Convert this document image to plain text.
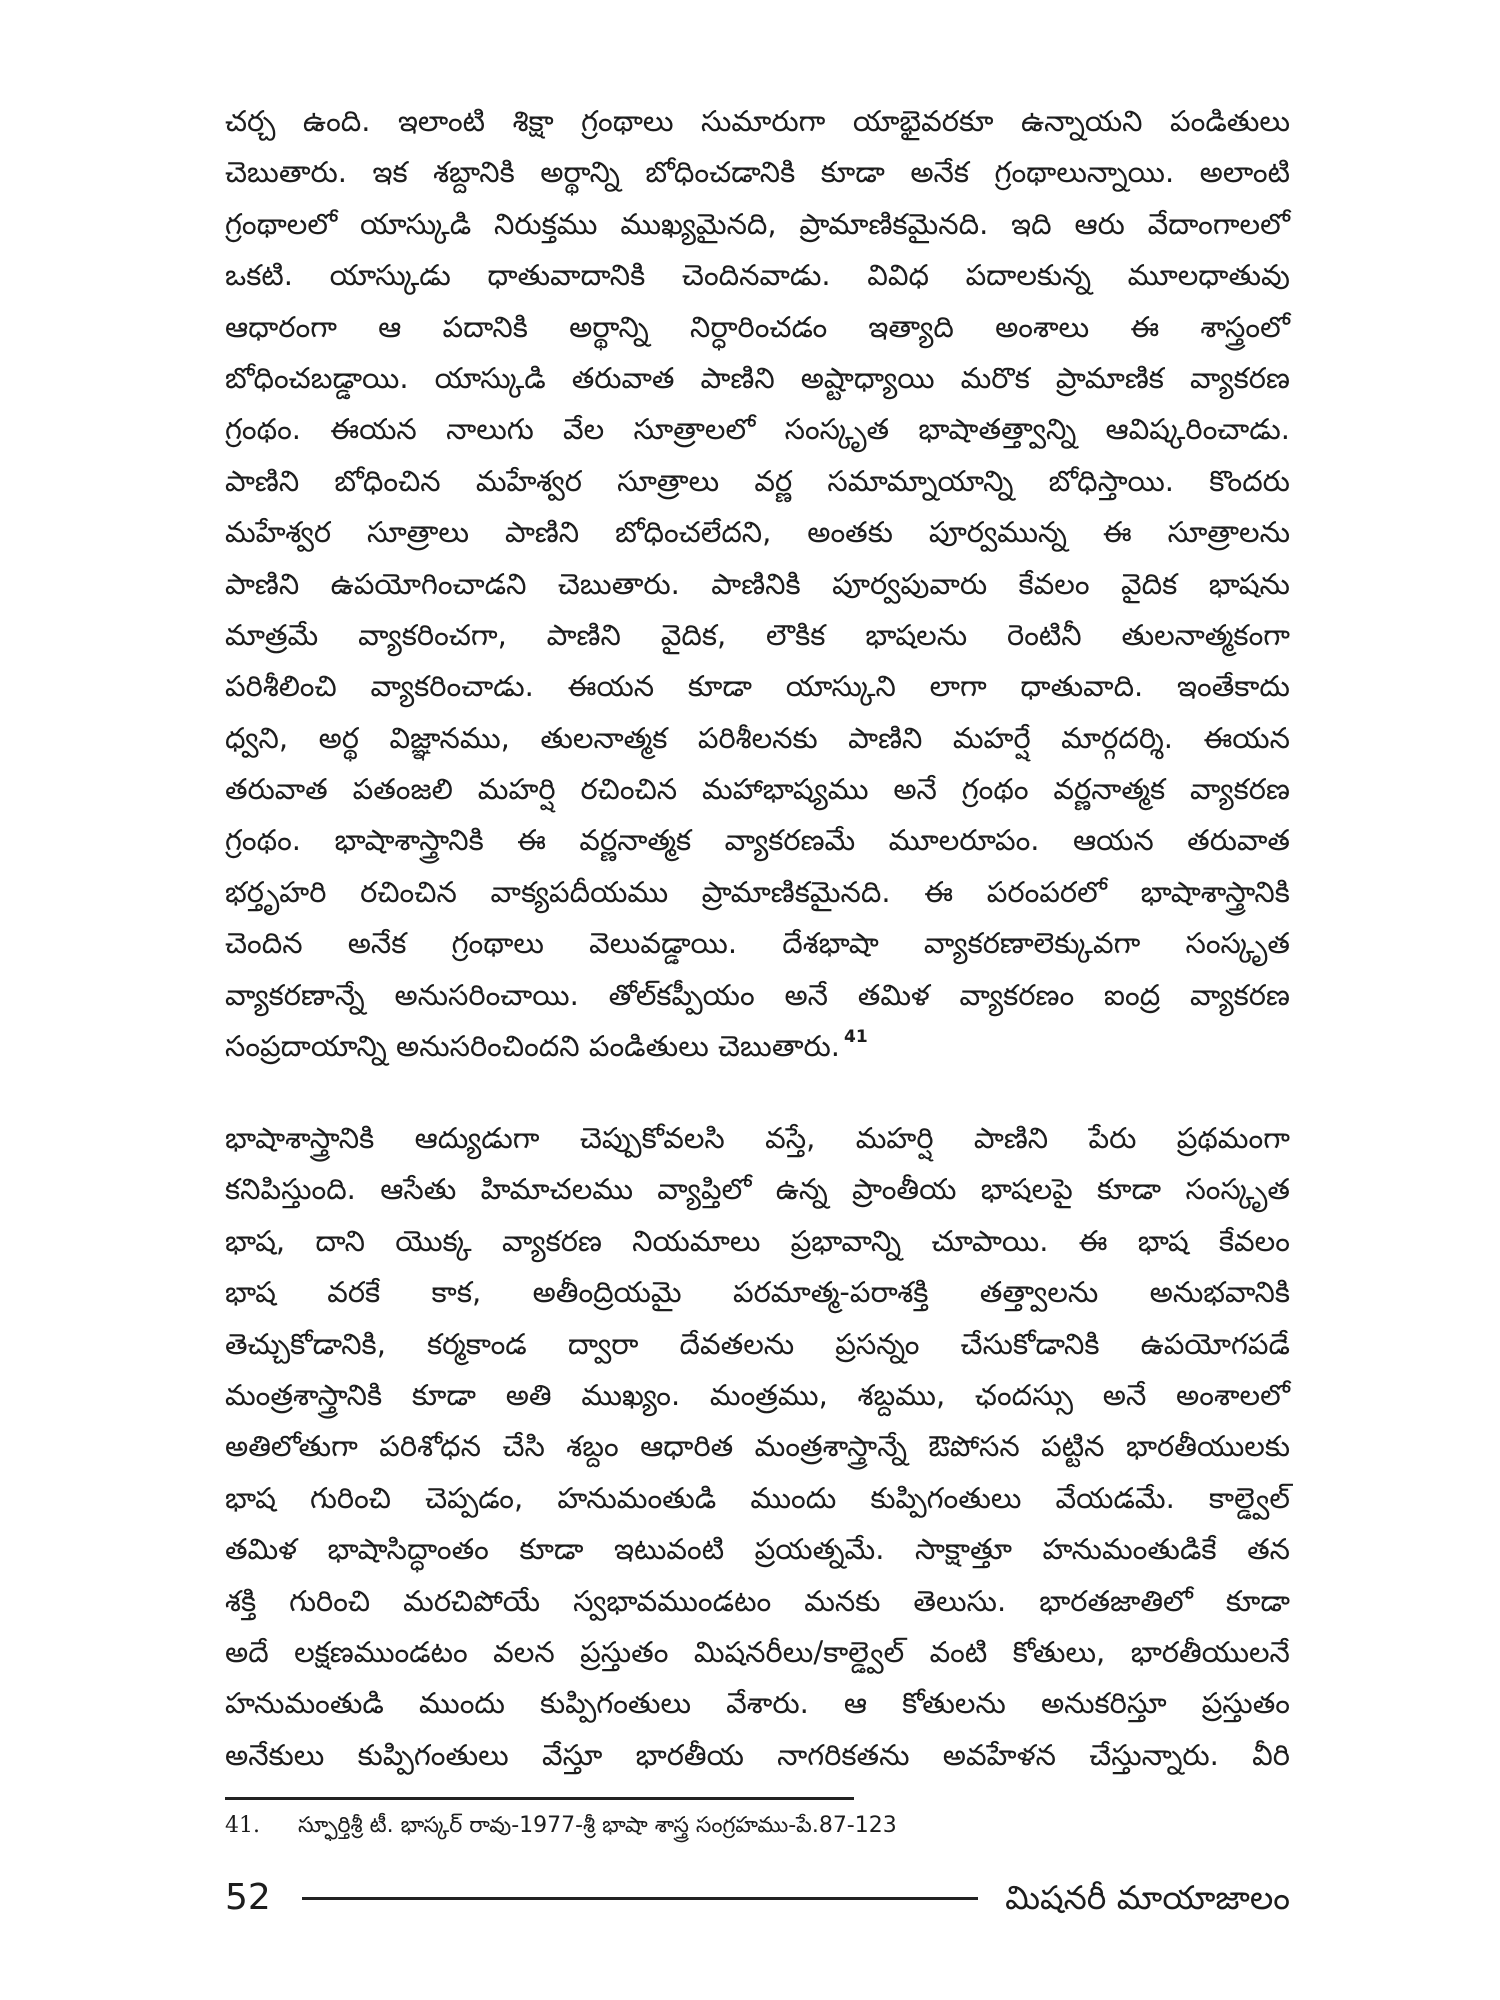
చర్చ ఉంది. ఇలాంటి శిక్షా గ్రంథాలు సుమారుగా యాభైవరకూ ఉన్నాయని పండితులు
చెబుతారు. ఇక శబ్దానికి అర్థాన్ని బోధించడానికి కూడా అనేక గ్రంథాలున్నాయి. అలాంటి
గ్రంథాలలో యాస్కుడి నిరుక్తము ముఖ్యమైనది, ప్రామాణికమైనది. ఇది ఆరు వేదాంగాలలో
ఒకటి. యాస్కుడు ధాతువాదానికి చెందినవాడు. వివిధ పదాలకున్న మూలధాతువు
ఆధారంగా ఆ పదానికి అర్థాన్ని నిర్ధారించడం ఇత్యాది అంశాలు ఈ శాస్త్రంలో
బోధించబడ్డాయి. యాస్కుడి తరువాత పాణిని అష్టాధ్యాయి మరొక ప్రామాణిక వ్యాకరణ
గ్రంథం. ఈయన నాలుగు వేల సూత్రాలలో సంస్కృత భాషాతత్త్వాన్ని ఆవిష్కరించాడు.
పాణిని బోధించిన మహేశ్వర సూత్రాలు వర్ణ సమామ్నాయాన్ని బోధిస్తాయి. కొందరు
మహేశ్వర సూత్రాలు పాణిని బోధించలేదని, అంతకు పూర్వమున్న ఈ సూత్రాలను
పాణిని ఉపయోగించాడని చెబుతారు. పాణినికి పూర్వపువారు కేవలం వైదిక భాషను
మాత్రమే వ్యాకరించగా, పాణిని వైదిక, లౌకిక భాషలను రెంటినీ తులనాత్మకంగా
పరిశీలించి వ్యాకరించాడు. ఈయన కూడా యాస్కుని లాగా ధాతువాది. ఇంతేకాదు
ధ్వని, అర్థ విజ్ఞానము, తులనాత్మక పరిశీలనకు పాణిని మహర్షే మార్గదర్శి. ఈయన
తరువాత పతంజలి మహర్షి రచించిన మహాభాష్యము అనే గ్రంథం వర్ణనాత్మక వ్యాకరణ
గ్రంథం. భాషాశాస్త్రానికి ఈ వర్ణనాత్మక వ్యాకరణమే మూలరూపం. ఆయన తరువాత
భర్తృహరి రచించిన వాక్యపదీయము ప్రామాణికమైనది. ఈ పరంపరలో భాషాశాస్త్రానికి
చెందిన అనేక గ్రంథాలు వెలువడ్డాయి. దేశభాషా వ్యాకరణాలెక్కువగా సంస్కృత
వ్యాకరణాన్నే అనుసరించాయి. తోల్‌కప్పీయం అనే తమిళ వ్యాకరణం ఐంద్ర వ్యాకరణ
సంప్రదాయాన్ని అనుసరించిందని పండితులు చెబుతారు. $^{41}$
భాషాశాస్త్రానికి ఆద్యుడుగా చెప్పుకోవలసి వస్తే, మహర్షి పాణిని పేరు ప్రథమంగా
కనిపిస్తుంది. ఆసేతు హిమాచలము వ్యాప్తిలో ఉన్న ప్రాంతీయ భాషలపై కూడా సంస్కృత
భాష, దాని యొక్క వ్యాకరణ నియమాలు ప్రభావాన్ని చూపాయి. ఈ భాష కేవలం
భాష వరకే కాక, అతీంద్రియమై పరమాత్మ-పరాశక్తి తత్త్వాలను అనుభవానికి
తెచ్చుకోడానికి, కర్మకాండ ద్వారా దేవతలను ప్రసన్నం చేసుకోడానికి ఉపయోగపడే
మంత్రశాస్త్రానికి కూడా అతి ముఖ్యం. మంత్రము, శబ్దము, ఛందస్సు అనే అంశాలలో
అతిలోతుగా పరిశోధన చేసి శబ్దం ఆధారిత మంత్రశాస్త్రాన్నే ఔపోసన పట్టిన భారతీయులకు
భాష గురించి చెప్పడం, హనుమంతుడి ముందు కుప్పిగంతులు వేయడమే. కాల్డ్వెల్
తమిళ భాషాసిద్ధాంతం కూడా ఇటువంటి ప్రయత్నమే. సాక్షాత్తూ హనుమంతుడికే తన
శక్తి గురించి మరచిపోయే స్వభావముండటం మనకు తెలుసు. భారతజాతిలో కూడా
అదే లక్షణముండటం వలన ప్రస్తుతం మిషనరీలు/కాల్డ్వెల్ వంటి కోతులు, భారతీయులనే
హనుమంతుడి ముందు కుప్పిగంతులు వేశారు. ఆ కోతులను అనుకరిస్తూ ప్రస్తుతం
అనేకులు కుప్పిగంతులు వేస్తూ భారతీయ నాగరికతను అవహేళన చేస్తున్నారు. వీరి
41. స్ఫూర్తిశ్రీ టీ. భాస్కర్ రావు-1977-శ్రీ భాషా శాస్త్ర సంగ్రహము-పే.87-123
52	మిషనరీ మాయాజాలం
